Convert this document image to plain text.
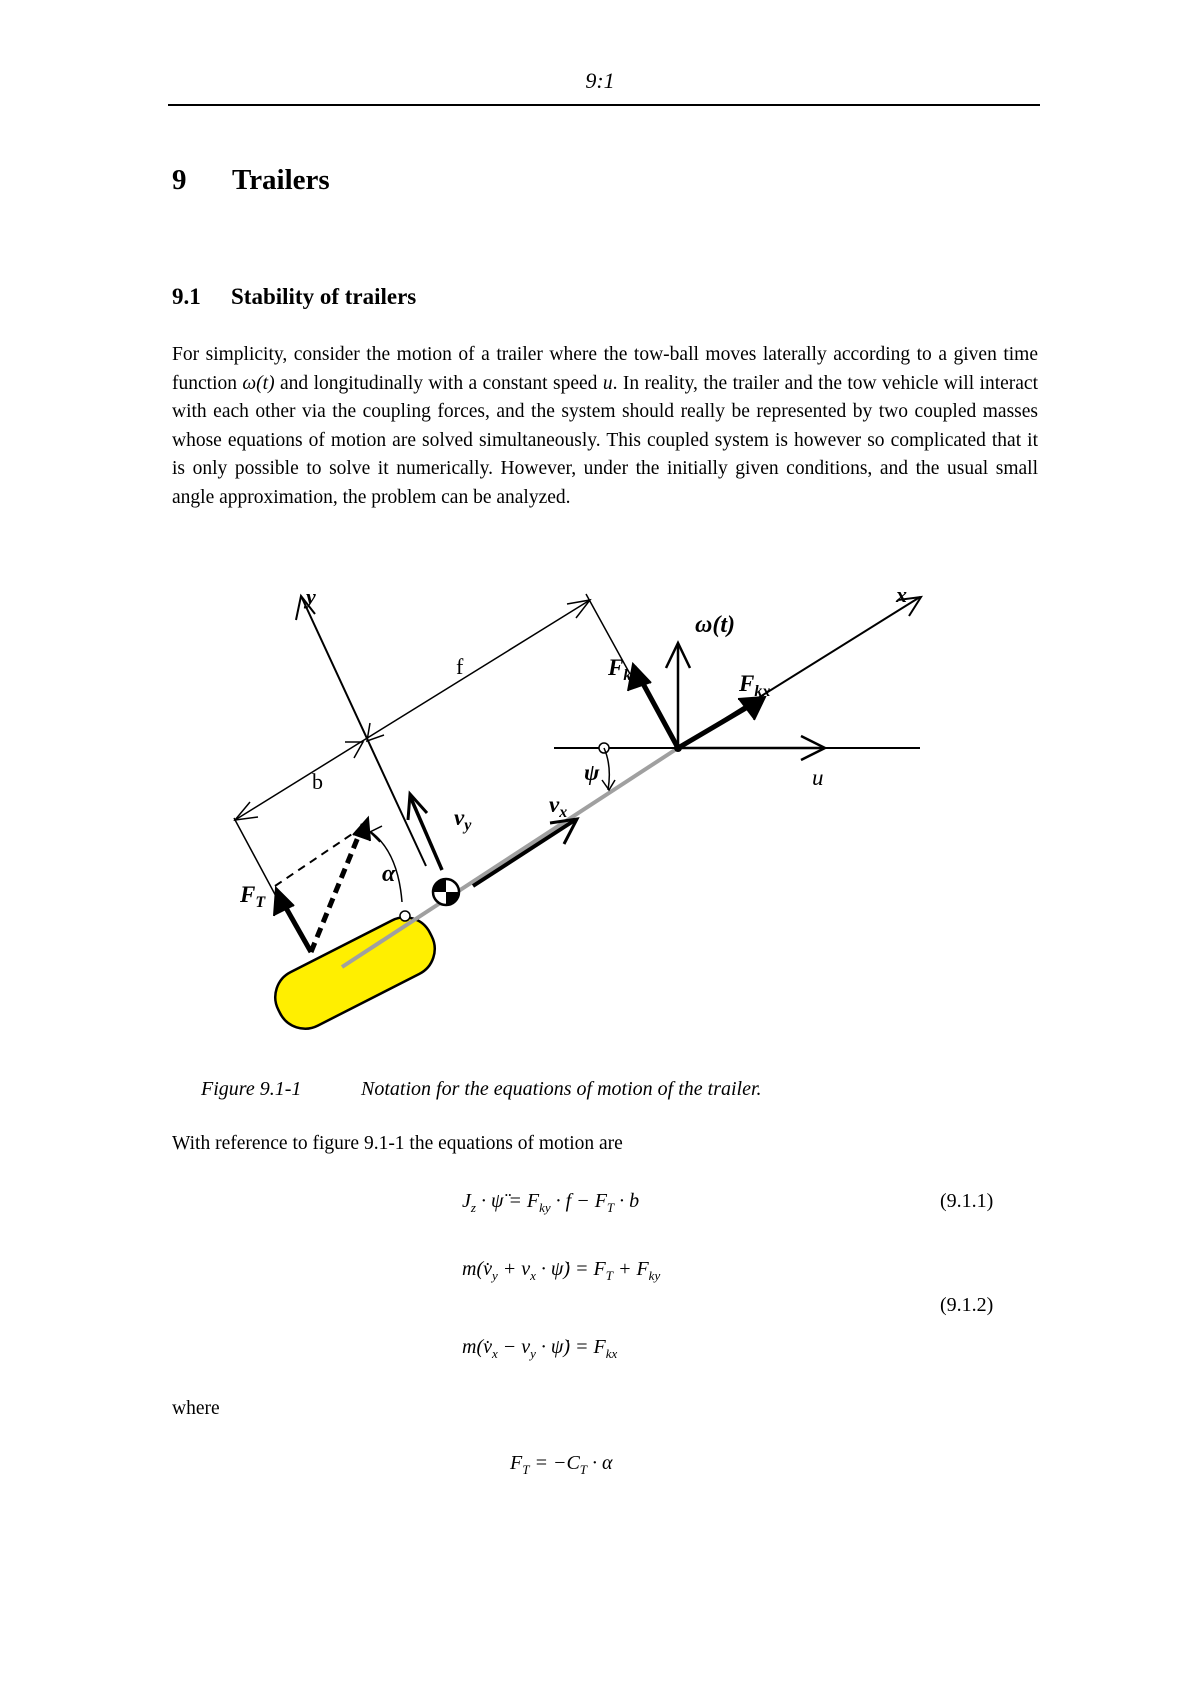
9:1
9 Trailers
9.1 Stability of trailers

For simplicity, consider the motion of a trailer where the tow-ball moves laterally according to a given time function ω(t) and longitudinally with a constant speed u. In reality, the trailer and the tow vehicle will interact with each other via the coupling forces, and the system should really be represented by two coupled masses whose equations of motion are solved simultaneously. This coupled system is however so complicated that it is only possible to solve it numerically. However, under the initially given conditions, and the usual small angle approximation, the problem can be analyzed.

y	x
f
b
ω(t)
$F_{ky}$	$F_{kx}$
ψ	u
$v_y$
$v_x$
α
$F_T$
Figure 9.1-1	Notation for the equations of motion of the trailer.
With reference to figure 9.1-1 the equations of motion are
$J_z$ · ψ̈ = $F_{ky} \cdot f - F_T \cdot b$	(9.1.1)
$m(v̇_y + v_x$ · ψ̇) = $F_T + F_{ky}$
(9.1.2)
$m(v̇_x - v_y$ · ψ̇) = $F_{kx}$
where
$F_T = -C_T \cdot \alpha$
